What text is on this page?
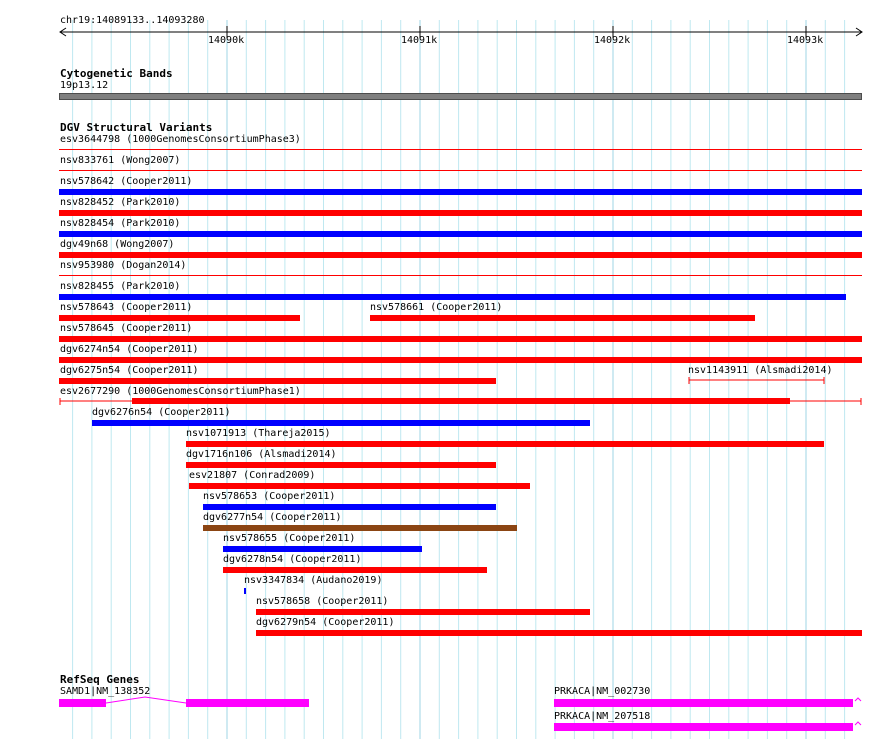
chr19:14089133..14093280
14090k	14091k	14092k	14093k
Cytogenetic Bands
19p13.12
DGV Structural Variants
esv3644798 (1000GenomesConsortiumPhase3)
nsv833761 (Wong2007)
nsv578642 (Cooper2011)
nsv828452 (Park2010)
nsv828454 (Park2010)
dgv49n68 (Wong2007)
nsv953980 (Dogan2014)
nsv828455 (Park2010)
nsv578643 (Cooper2011)	nsv578661 (Cooper2011)
nsv578645 (Cooper2011)
dgv6274n54 (Cooper2011)
dgv6275n54 (Cooper2011)	nsv1143911 (Alsmadi2014)
esv2677290 (1000GenomesConsortiumPhase1)
dgv6276n54 (Cooper2011)
nsv1071913 (Thareja2015)
dgv1716n106 (Alsmadi2014)
esv21807 (Conrad2009)
nsv578653 (Cooper2011)
dgv6277n54 (Cooper2011)
nsv578655 (Cooper2011)
dgv6278n54 (Cooper2011)
nsv3347834 (Audano2019)
nsv578658 (Cooper2011)
dgv6279n54 (Cooper2011)
RefSeq Genes
SAMD1|NM_138352	PRKACA|NM_002730
PRKACA|NM_207518
